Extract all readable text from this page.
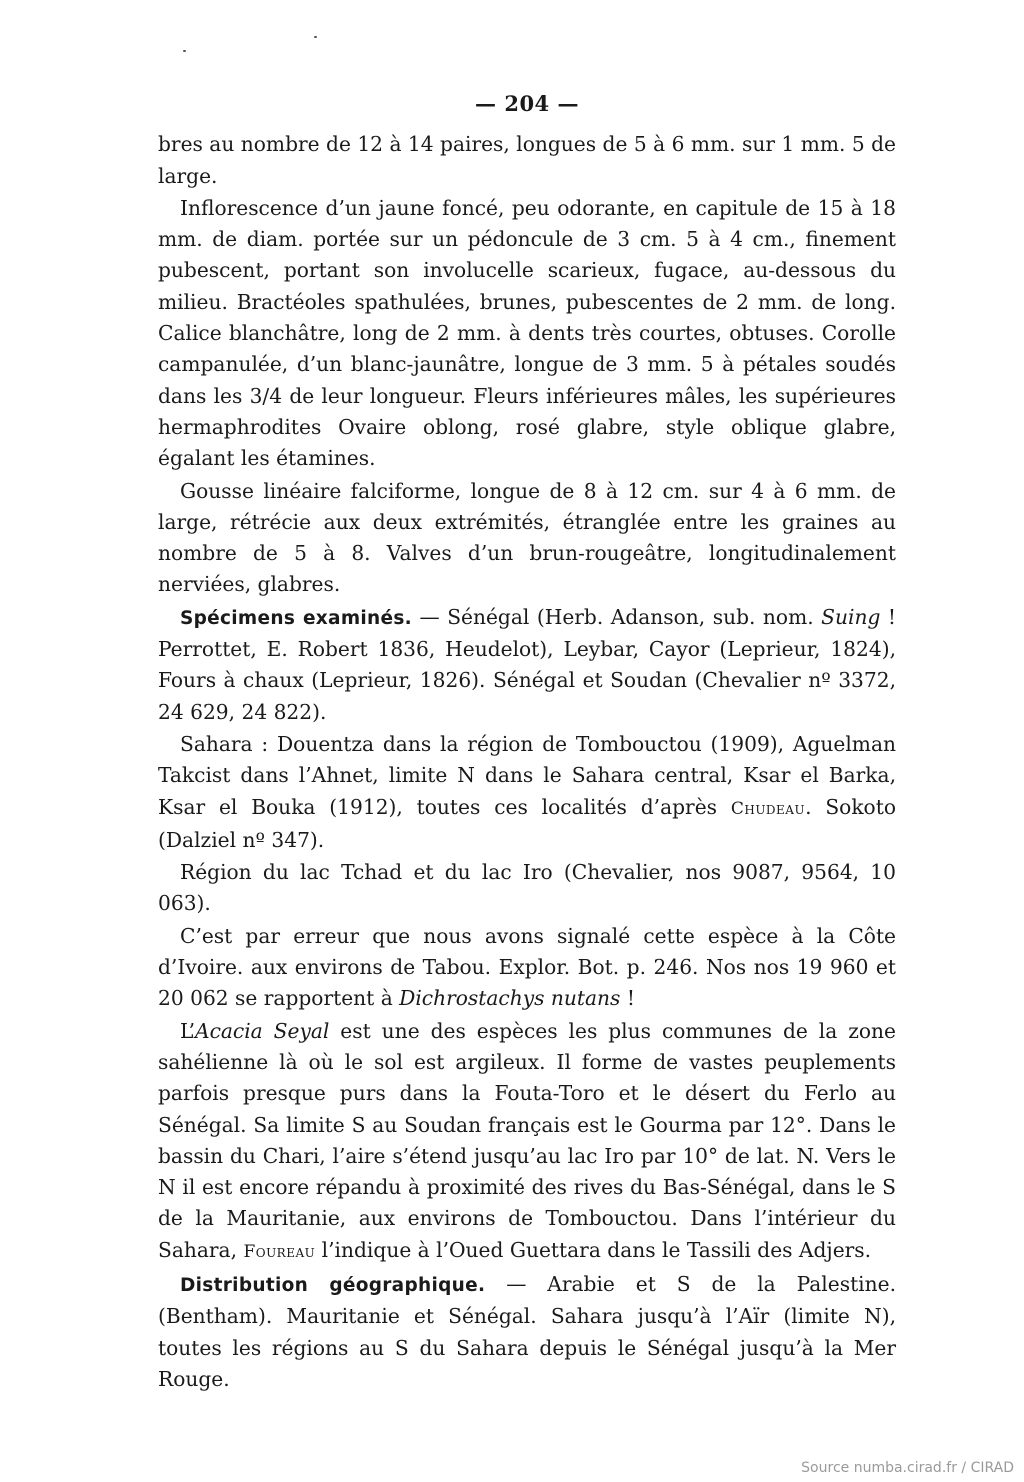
— 204 —

bres au nombre de 12 à 14 paires, longues de 5 à 6 mm. sur 1 mm. 5 de large.

Inflorescence d’un jaune foncé, peu odorante, en capitule de 15 à 18 mm. de diam. portée sur un pédoncule de 3 cm. 5 à 4 cm., finement pubescent, portant son involucelle scarieux, fugace, au-dessous du milieu. Bractéoles spathulées, brunes, pubescentes de 2 mm. de long. Calice blanchâtre, long de 2 mm. à dents très courtes, obtuses. Corolle campanulée, d’un blanc-jaunâtre, longue de 3 mm. 5 à pétales soudés dans les 3/4 de leur longueur. Fleurs inférieures mâles, les supérieures hermaphrodites Ovaire oblong, rosé glabre, style oblique glabre, égalant les étamines.

Gousse linéaire falciforme, longue de 8 à 12 cm. sur 4 à 6 mm. de large, rétrécie aux deux extrémités, étranglée entre les graines au nombre de 5 à 8. Valves d’un brun-rougeâtre, longitudinalement nerviées, glabres.

Spécimens examinés. — Sénégal (Herb. Adanson, sub. nom. Suing ! Perrottet, E. Robert 1836, Heudelot), Leybar, Cayor (Leprieur, 1824), Fours à chaux (Leprieur, 1826). Sénégal et Soudan (Chevalier nº 3372, 24 629, 24 822).

Sahara : Douentza dans la région de Tombouctou (1909), Aguelman Takcist dans l’Ahnet, limite N dans le Sahara central, Ksar el Barka, Ksar el Bouka (1912), toutes ces localités d’après Chudeau. Sokoto (Dalziel nº 347).

Région du lac Tchad et du lac Iro (Chevalier, nos 9087, 9564, 10 063).

C’est par erreur que nous avons signalé cette espèce à la Côte d’Ivoire. aux environs de Tabou. Explor. Bot. p. 246. Nos nos 19 960 et 20 062 se rapportent à Dichrostachys nutans !

L’Acacia Seyal est une des espèces les plus communes de la zone sahélienne là où le sol est argileux. Il forme de vastes peuplements parfois presque purs dans la Fouta-Toro et le désert du Ferlo au Sénégal. Sa limite S au Soudan français est le Gourma par 12°. Dans le bassin du Chari, l’aire s’étend jusqu’au lac Iro par 10° de lat. N. Vers le N il est encore répandu à proximité des rives du Bas-Sénégal, dans le S de la Mauritanie, aux environs de Tombouctou. Dans l’intérieur du Sahara, Foureau l’indique à l’Oued Guettara dans le Tassili des Adjers.

Distribution géographique. — Arabie et S de la Palestine. (Bentham). Mauritanie et Sénégal. Sahara jusqu’à l’Aïr (limite N), toutes les régions au S du Sahara depuis le Sénégal jusqu’à la Mer Rouge.

Source numba.cirad.fr / CIRAD
